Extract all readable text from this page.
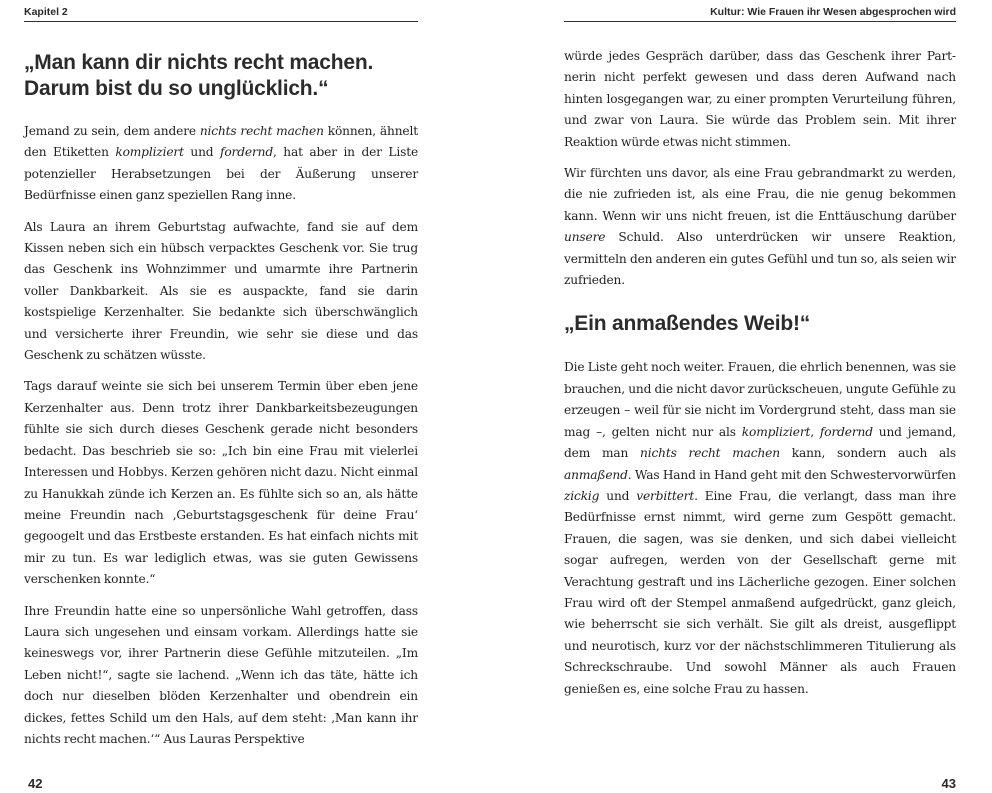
Kapitel 2
„Man kann dir nichts recht machen.
Darum bist du so unglücklich.“

Jemand zu sein, dem andere nichts recht machen können, ähnelt den Etiketten kompliziert und fordernd, hat aber in der Liste potenzieller Herabsetzungen bei der Äußerung unserer Bedürfnisse einen ganz speziellen Rang inne.

Als Laura an ihrem Geburtstag aufwachte, fand sie auf dem Kissen neben sich ein hübsch verpacktes Geschenk vor. Sie trug das Geschenk ins Wohnzimmer und umarmte ihre Partnerin voller Dankbarkeit. Als sie es auspackte, fand sie darin kostspielige Kerzenhalter. Sie bedankte sich überschwänglich und versicherte ihrer Freundin, wie sehr sie diese und das Geschenk zu schätzen wüsste.

Tags darauf weinte sie sich bei unserem Termin über eben jene Kerzenhalter aus. Denn trotz ihrer Dankbarkeitsbezeugungen fühlte sie sich durch dieses Geschenk gerade nicht besonders bedacht. Das beschrieb sie so: „Ich bin eine Frau mit vielerlei Interessen und Hobbys. Kerzen gehören nicht dazu. Nicht einmal zu Hanukkah zünde ich Kerzen an. Es fühlte sich so an, als hätte meine Freundin nach ‚Geburtstagsgeschenk für deine Frau‘ gegoogelt und das Erstbeste erstanden. Es hat einfach nichts mit mir zu tun. Es war lediglich etwas, was sie guten Gewissens verschenken konnte.“

Ihre Freundin hatte eine so unpersönliche Wahl getroffen, dass Laura sich ungesehen und einsam vorkam. Allerdings hatte sie keineswegs vor, ihrer Partnerin diese Gefühle mitzuteilen. „Im Leben nicht!“, sagte sie lachend. „Wenn ich das täte, hätte ich doch nur dieselben blöden Kerzenhalter und obendrein ein dickes, fettes Schild um den Hals, auf dem steht: ‚Man kann ihr nichts recht machen.‘“ Aus Lauras Perspektive

42
Kultur: Wie Frauen ihr Wesen abgesprochen wird

würde jedes Gespräch darüber, dass das Geschenk ihrer Partnerin nicht perfekt gewesen und dass deren Aufwand nach hinten losgegangen war, zu einer prompten Verurteilung führen, und zwar von Laura. Sie würde das Problem sein. Mit ihrer Reaktion würde etwas nicht stimmen.

Wir fürchten uns davor, als eine Frau gebrandmarkt zu werden, die nie zufrieden ist, als eine Frau, die nie genug bekommen kann. Wenn wir uns nicht freuen, ist die Enttäuschung darüber unsere Schuld. Also unterdrücken wir unsere Reaktion, vermitteln den anderen ein gutes Gefühl und tun so, als seien wir zufrieden.

„Ein anmaßendes Weib!“

Die Liste geht noch weiter. Frauen, die ehrlich benennen, was sie brauchen, und die nicht davor zurückscheuen, ungute Gefühle zu erzeugen – weil für sie nicht im Vordergrund steht, dass man sie mag –, gelten nicht nur als kompliziert, fordernd und jemand, dem man nichts recht machen kann, sondern auch als anmaßend. Was Hand in Hand geht mit den Schwestervorwürfen zickig und verbittert. Eine Frau, die verlangt, dass man ihre Bedürfnisse ernst nimmt, wird gerne zum Gespött gemacht. Frauen, die sagen, was sie denken, und sich dabei vielleicht sogar aufregen, werden von der Gesellschaft gerne mit Verachtung gestraft und ins Lächerliche gezogen. Einer solchen Frau wird oft der Stempel anmaßend aufgedrückt, ganz gleich, wie beherrscht sie sich verhält. Sie gilt als dreist, ausgeflippt und neurotisch, kurz vor der nächstschlimmeren Titulierung als Schreckschraube. Und sowohl Männer als auch Frauen genießen es, eine solche Frau zu hassen.

43
